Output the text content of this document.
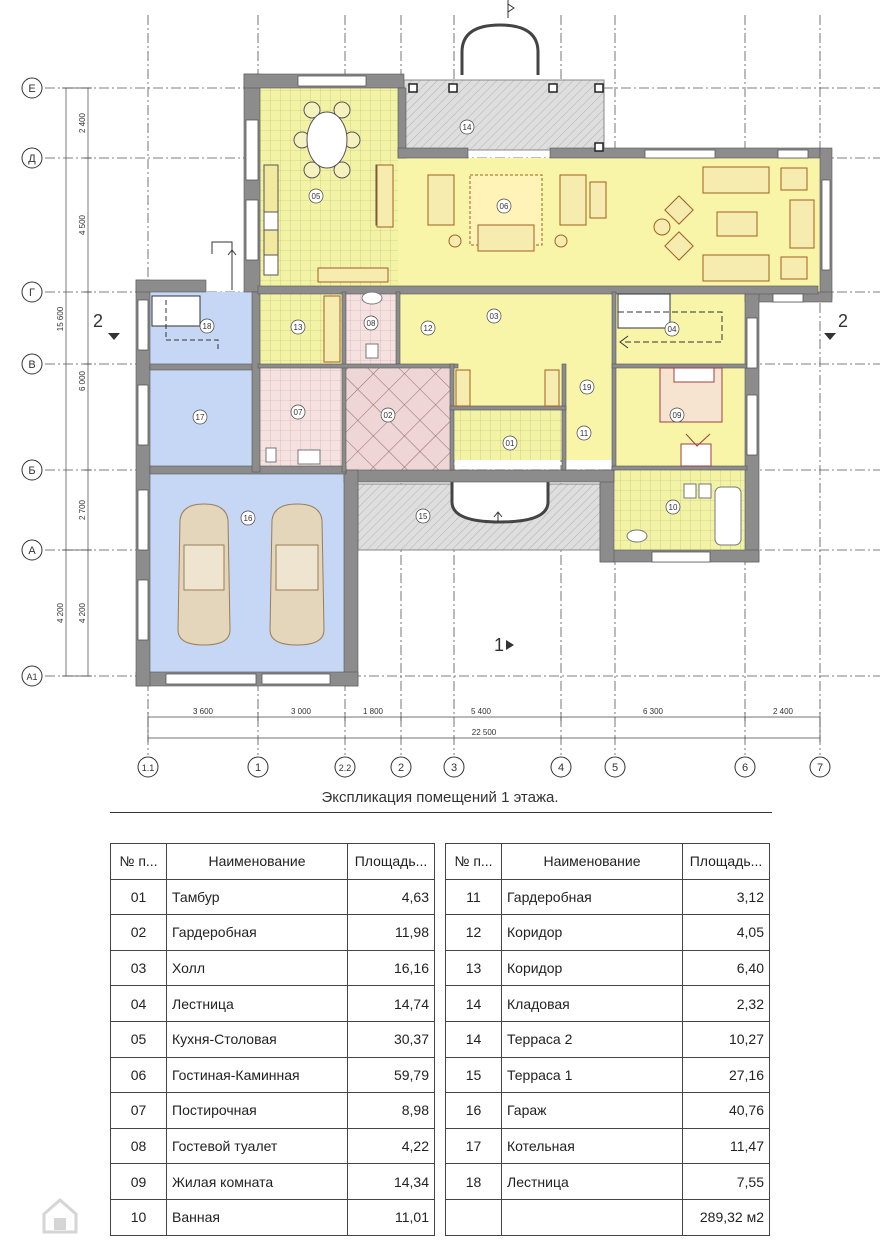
Е
Д
Г
В
Б
А
А1
1.1	1	2.2	2	3	4	5	6	7
2 400
4 500
15 600
6 000
2 700
4 200 4 200
3 600	3 000	1 800	5 400	6 300	2 400
22 500
01
02
03
04
05
06
07
08
09
10
11
12
13
14
15
16
17
18
19
2	2
1
Экспликация помещений 1 этажа.
№ п...	Наименование	Площадь...
01	Тамбур	4,63
02	Гардеробная	11,98
03	Холл	16,16
04	Лестница	14,74
05	Кухня-Столовая	30,37
06	Гостиная-Каминная	59,79
07	Постирочная	8,98
08	Гостевой туалет	4,22
09	Жилая комната	14,34
10	Ванная	11,01
№ п...	Наименование	Площадь...
11	Гардеробная	3,12
12	Коридор	4,05
13	Коридор	6,40
14	Кладовая	2,32
14	Терраса 2	10,27
15	Терраса 1	27,16
16	Гараж	40,76
17	Котельная	11,47
18	Лестница	7,55
		289,32 м2
